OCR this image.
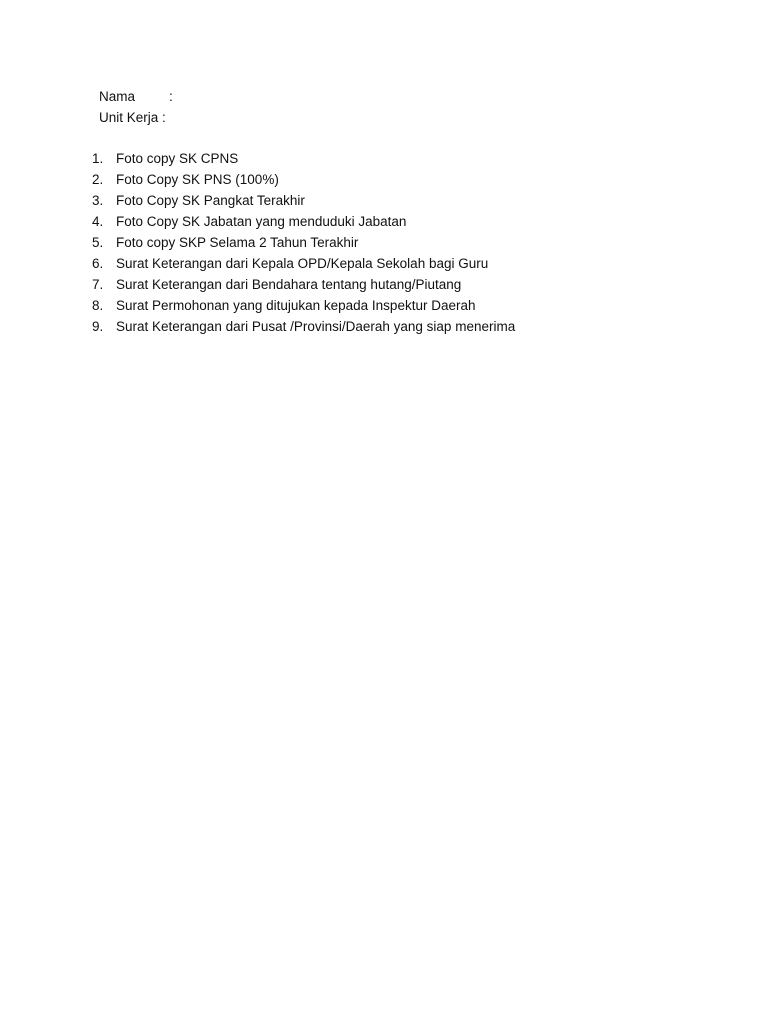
Nama	:
Unit Kerja :
1. Foto copy SK CPNS
2. Foto Copy SK PNS (100%)
3. Foto Copy SK Pangkat Terakhir
4. Foto Copy SK Jabatan yang menduduki Jabatan
5. Foto copy SKP Selama 2 Tahun Terakhir
6. Surat Keterangan dari Kepala OPD/Kepala Sekolah bagi Guru
7. Surat Keterangan dari Bendahara tentang hutang/Piutang
8. Surat Permohonan yang ditujukan kepada Inspektur Daerah
9. Surat Keterangan dari Pusat /Provinsi/Daerah yang siap menerima
